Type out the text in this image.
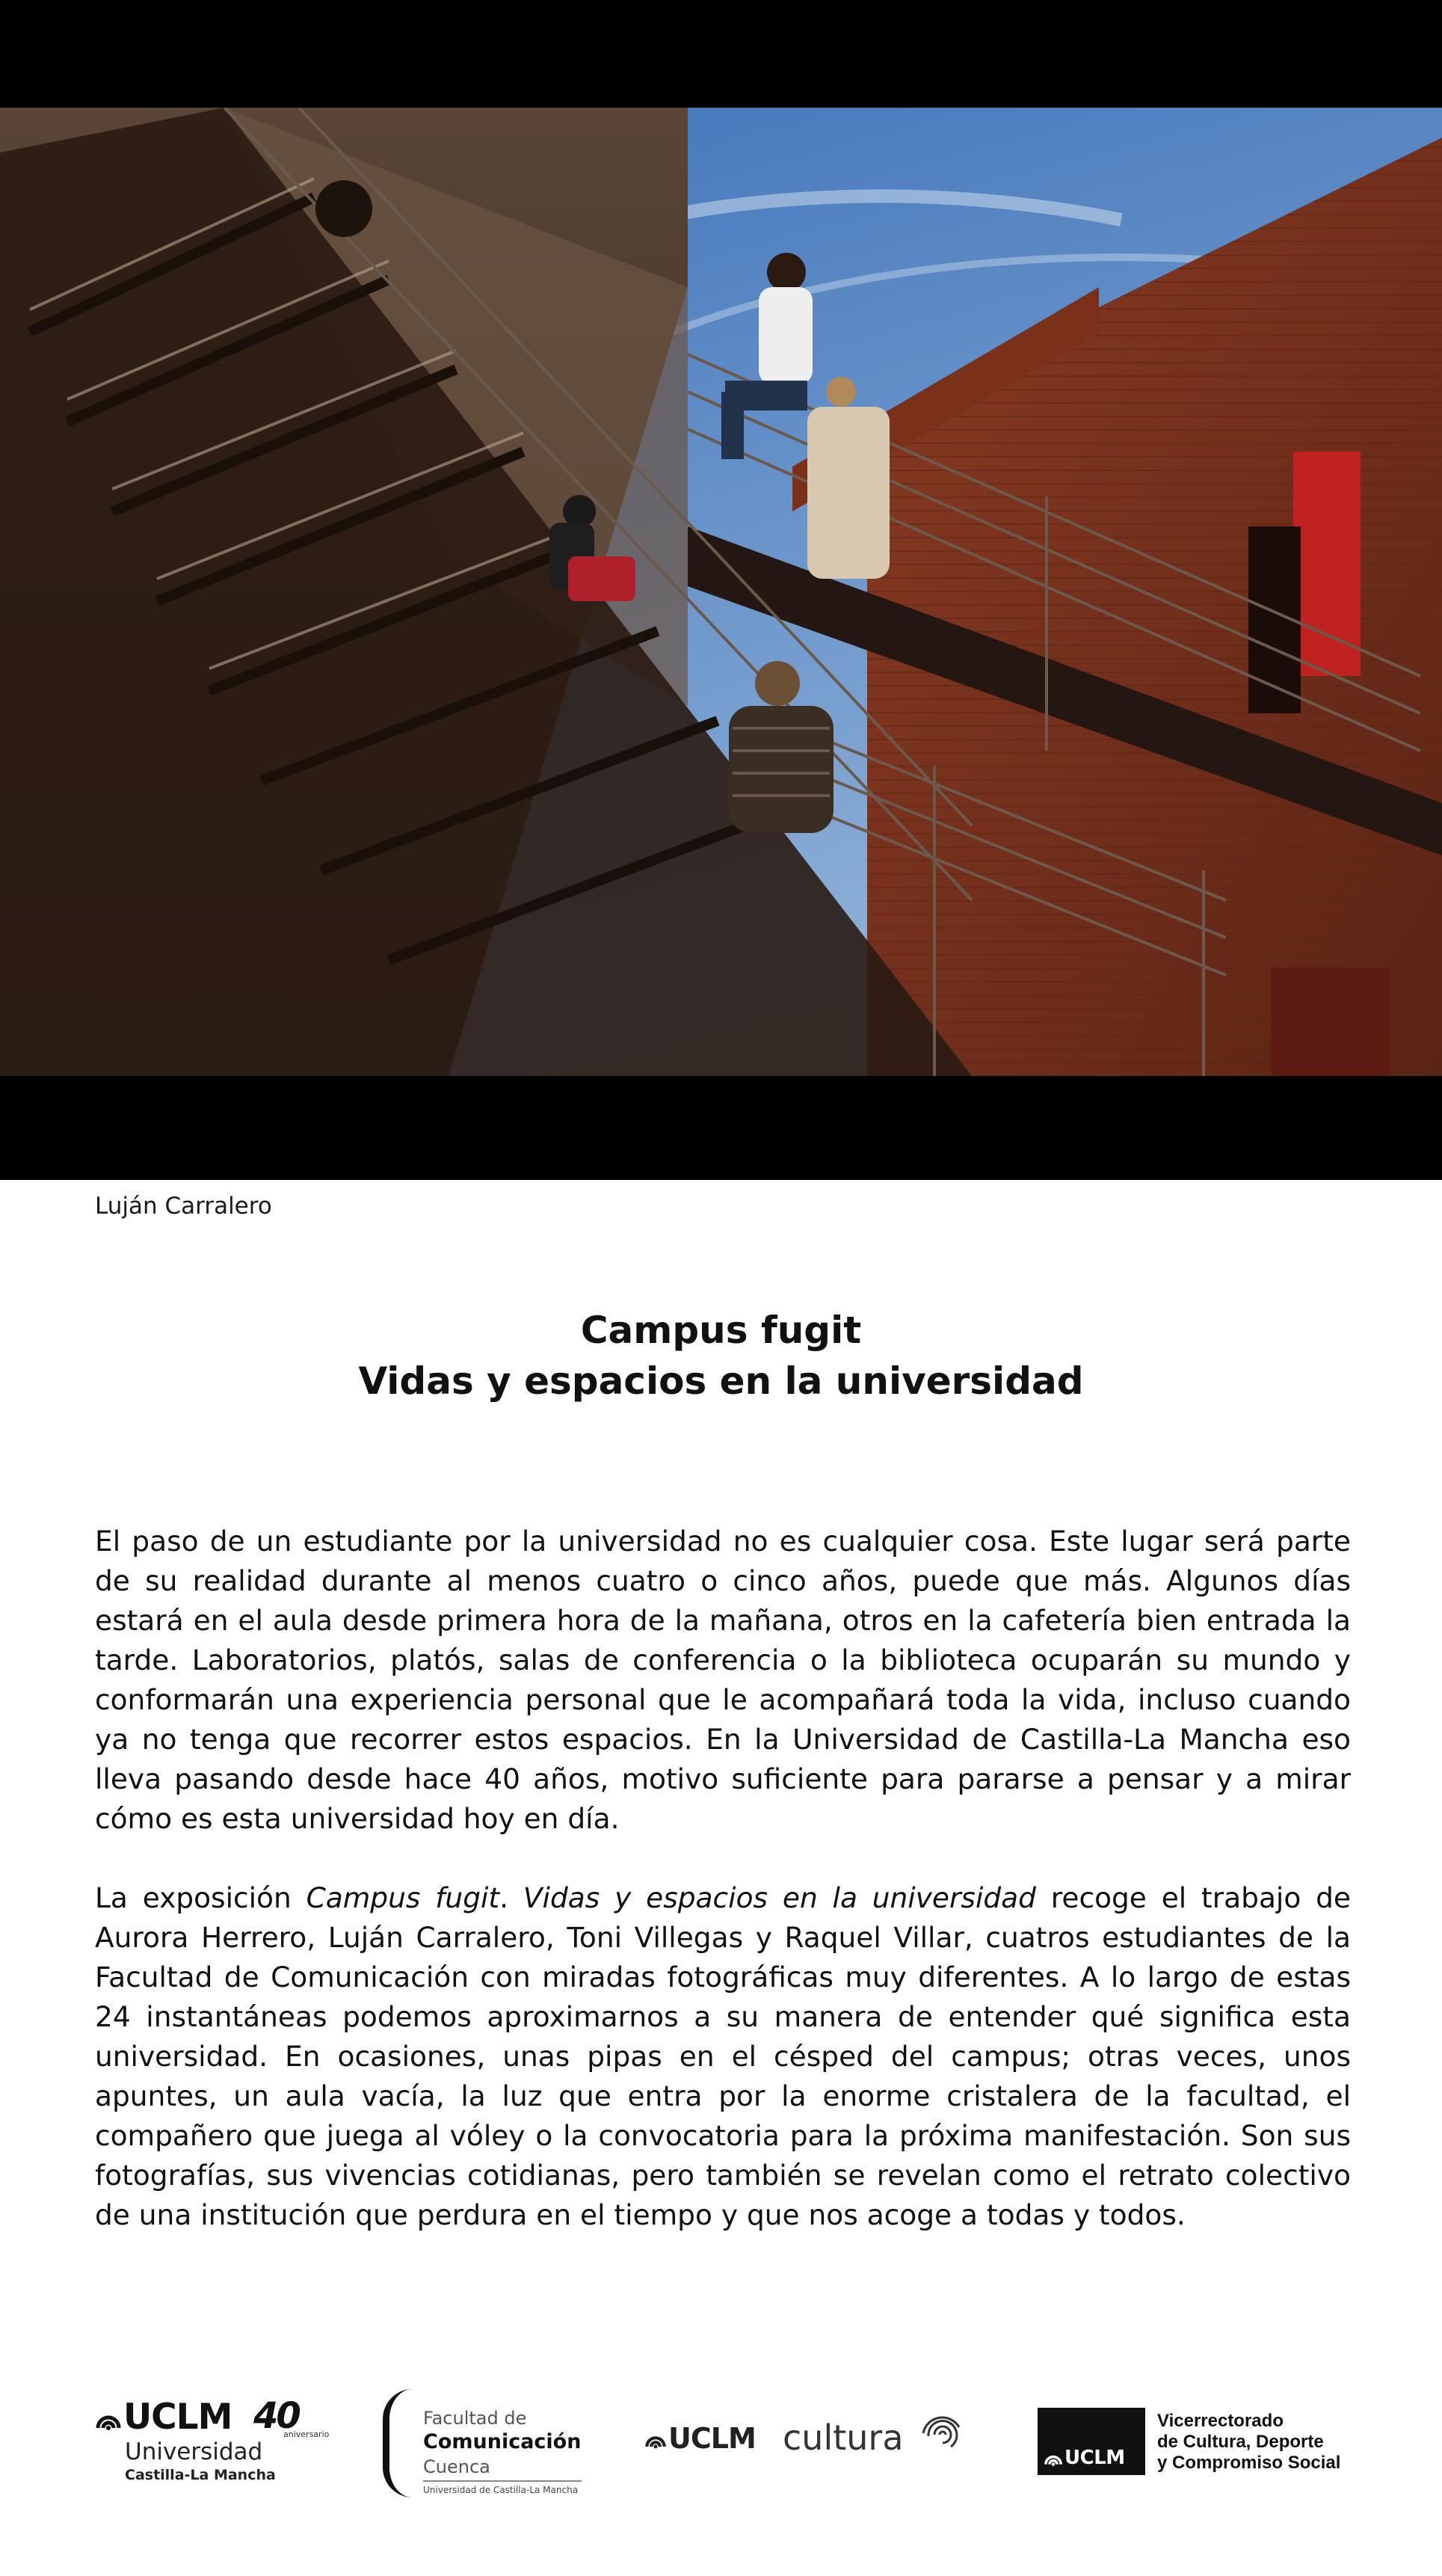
Luján Carralero
Campus fugit
Vidas y espacios en la universidad
El paso de un estudiante por la universidad no es cualquier cosa. Este lugar será parte de su realidad durante al menos cuatro o cinco años, puede que más. Algunos días estará en el aula desde primera hora de la mañana, otros en la cafetería bien entrada la tarde. Laboratorios, platós, salas de conferencia o la biblioteca ocuparán su mundo y conformarán una experiencia personal que le acompañará toda la vida, incluso cuando ya no tenga que recorrer estos espacios. En la Universidad de Castilla-La Mancha eso lleva pasando desde hace 40 años, motivo suficiente para pararse a pensar y a mirar cómo es esta universidad hoy en día.
La exposición Campus fugit. Vidas y espacios en la universidad recoge el trabajo de Aurora Herrero, Luján Carralero, Toni Villegas y Raquel Villar, cuatros estudiantes de la Facultad de Comunicación con miradas fotográficas muy diferentes. A lo largo de estas 24 instantáneas podemos aproximarnos a su manera de entender qué significa esta universidad. En ocasiones, unas pipas en el césped del campus; otras veces, unos apuntes, un aula vacía, la luz que entra por la enorme cristalera de la facultad, el compañero que juega al vóley o la convocatoria para la próxima manifestación. Son sus fotografías, sus vivencias cotidianas, pero también se revelan como el retrato colectivo de una institución que perdura en el tiempo y que nos acoge a todas y todos.
UCLM 40
aniversario
Universidad
Castilla-La Mancha
Facultad de
Comunicación
Cuenca
Universidad de Castilla-La Mancha
UCLM cultura	UCLM
Vicerrectorado
de Cultura, Deporte
y Compromiso Social
